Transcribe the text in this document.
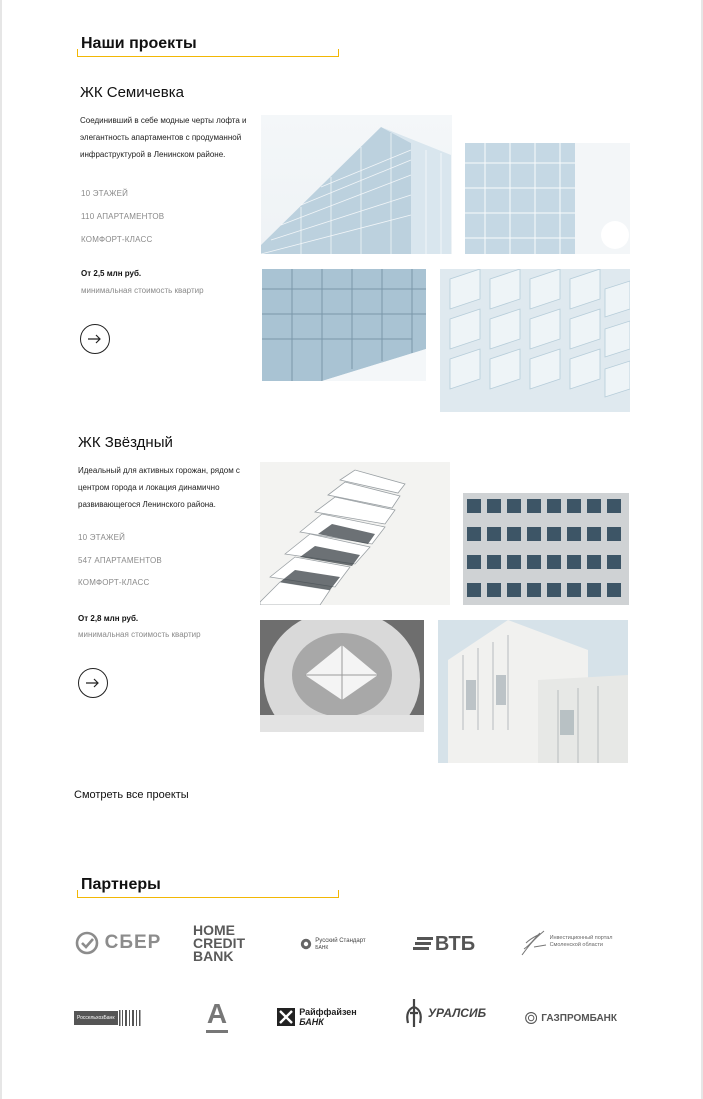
Наши проекты
ЖК Семичевка
Соединивший в себе модные черты лофта и элегантность апартаментов с продуманной инфраструктурой в Ленинском районе.
10 ЭТАЖЕЙ
110 АПАРТАМЕНТОВ
КОМФОРТ-КЛАСС
От 2,5 млн руб.
минимальная стоимость квартир
ЖК Звёздный
Идеальный для активных горожан, рядом с центром города и локация динамично развивающегося Ленинского района.
10 ЭТАЖЕЙ
547 АПАРТАМЕНТОВ
КОМФОРТ-КЛАСС
От 2,8 млн руб.
минимальная стоимость квартир
Смотреть все проекты
Партнеры
СБЕР
HOME
CREDIT
BANK
Русский Стандарт
БАНК	ВТБ	Инвестиционный портал
Смоленской области
РоссельхозБанк	А	Райффайзен
БАНК
УРАЛСИБ	ГАЗПРОМБАНК
